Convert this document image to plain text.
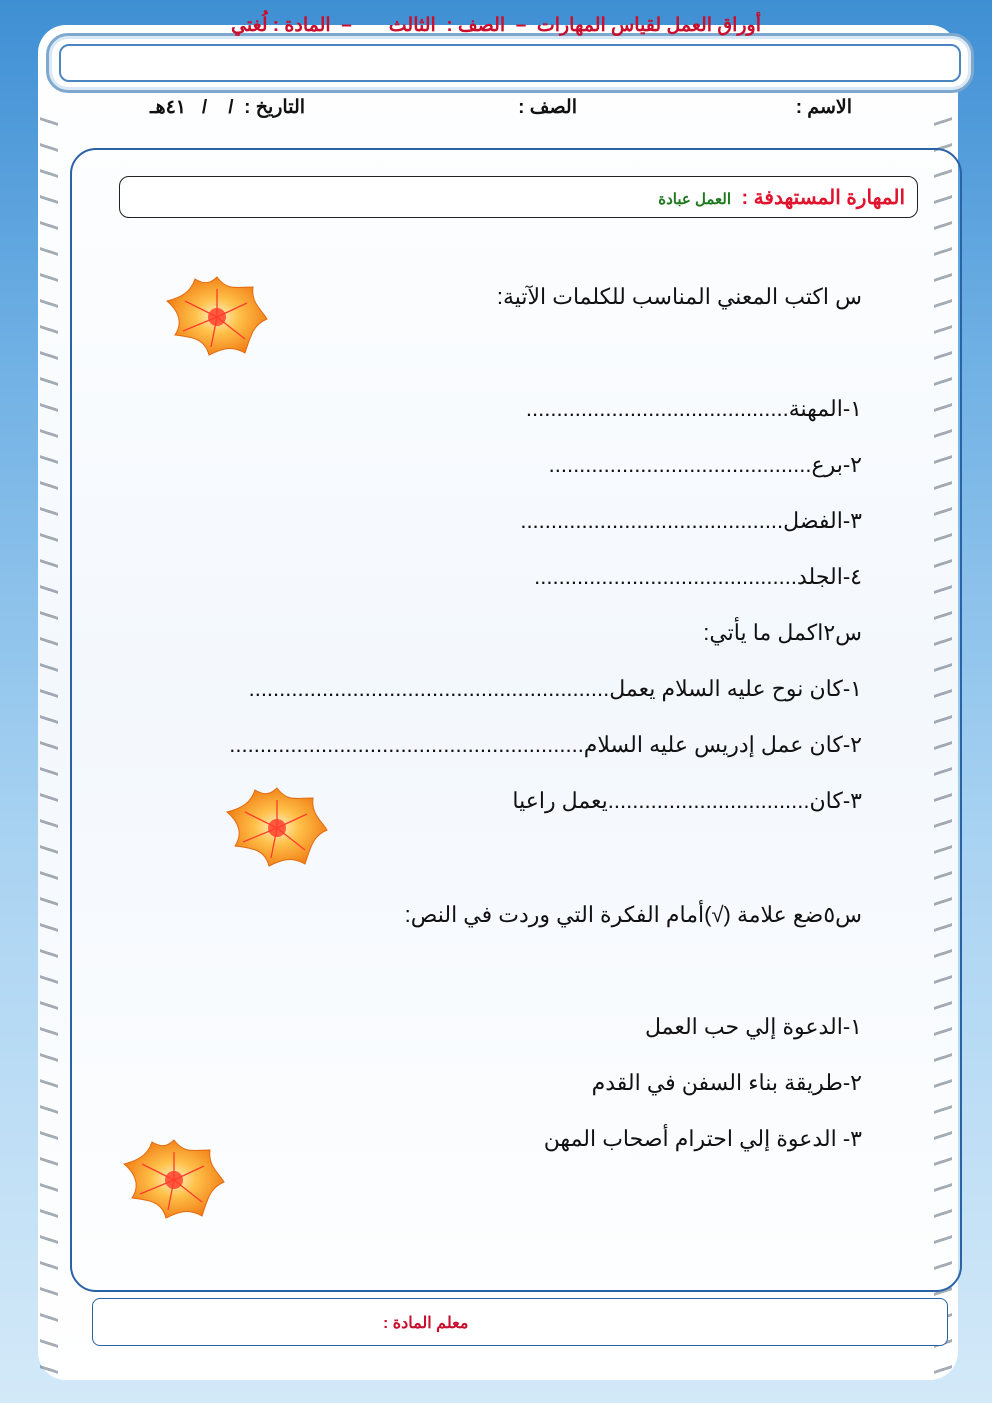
أوراق العمل لقياس المهارات  –  الصف :  الثالث       –  المادة : لُغتي
الاسم :
الصف :
التاريخ :  /    /   ٤١هـ
المهارة المستهدفة : العمل عبادة
س اكتب المعني المناسب للكلمات الآتية:
١-المهنة...........................................
٢-برع...........................................
٣-الفضل...........................................
٤-الجلد...........................................
س٢اكمل ما يأتي:
١-كان نوح عليه السلام يعمل...........................................................
٢-كان عمل إدريس عليه السلام..........................................................
٣-كان.................................يعمل راعيا
س٥ضع علامة (√)أمام الفكرة التي وردت في النص:
١-الدعوة إلي حب العمل
٢-طريقة بناء السفن في القدم
٣- الدعوة إلي احترام أصحاب المهن
معلم المادة :
